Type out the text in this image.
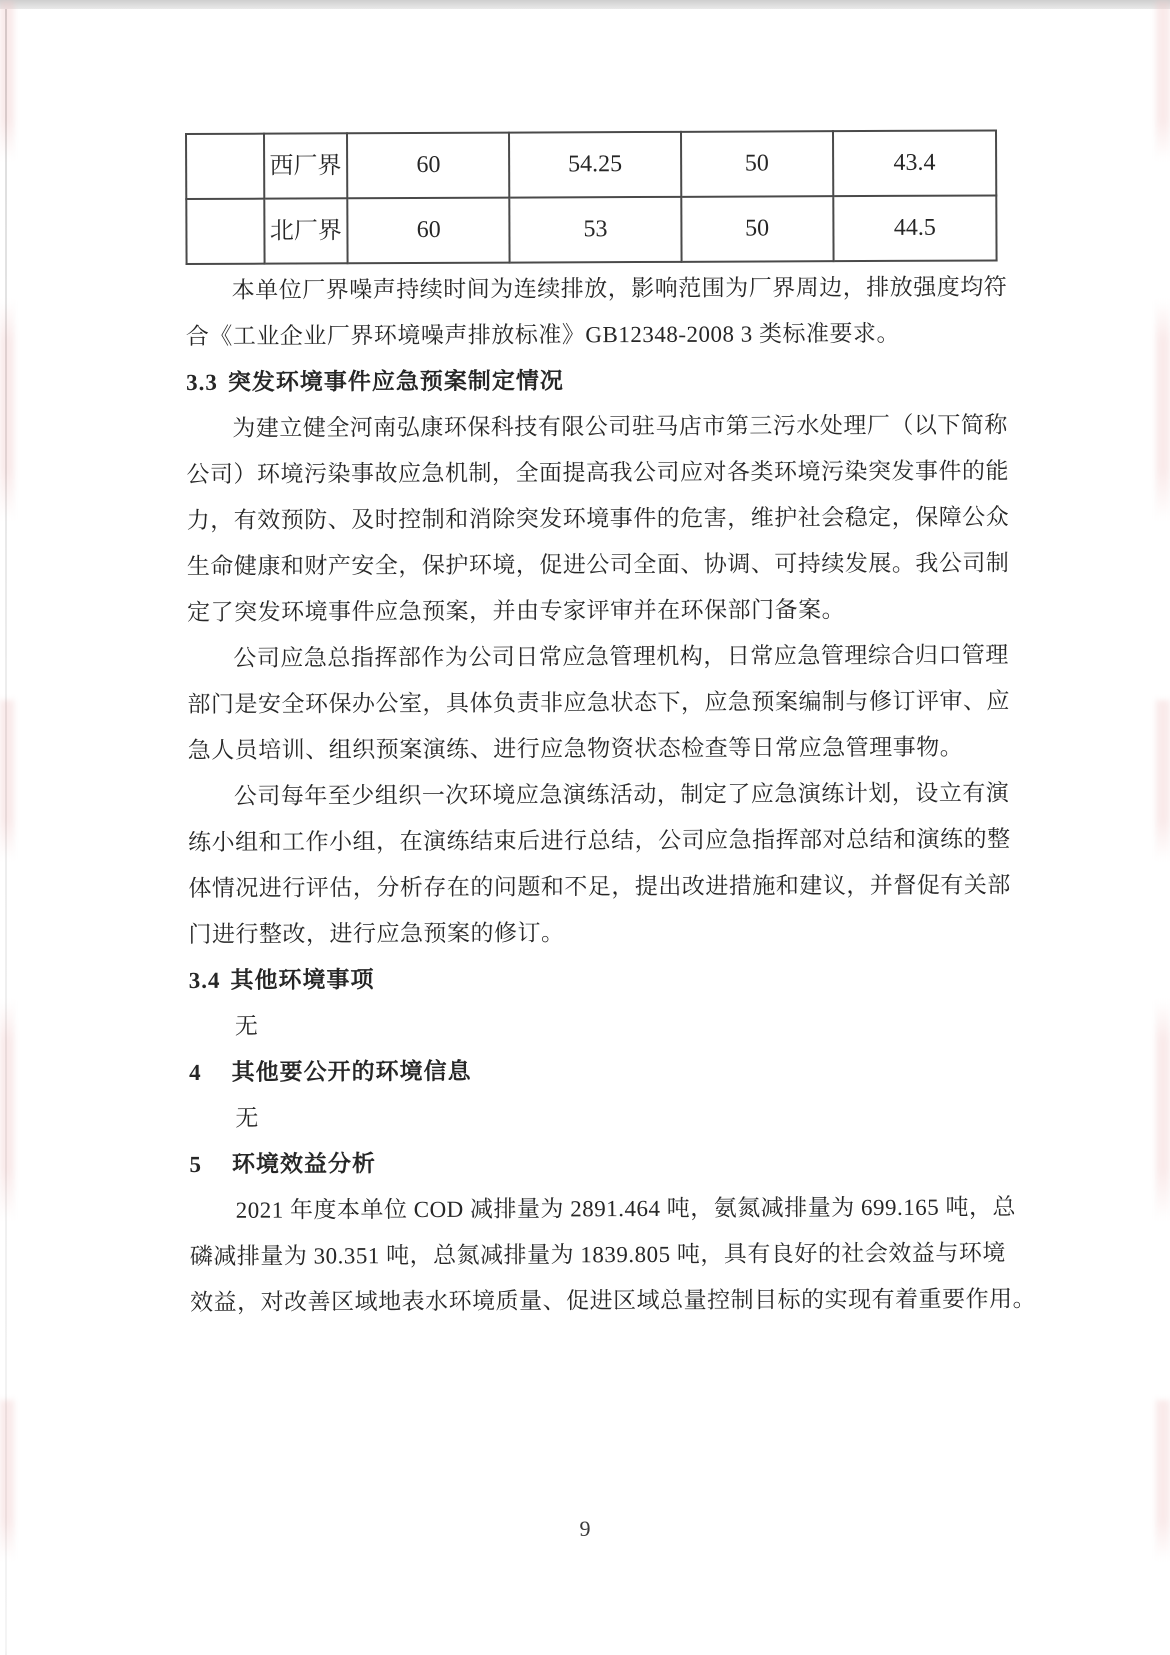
	西厂界	60	54.25	50	43.4
	北厂界	60	53	50	44.5
本单位厂界噪声持续时间为连续排放，影响范围为厂界周边，排放强度均符
合《工业企业厂界环境噪声排放标准》GB12348-2008 3 类标准要求。
3.3 突发环境事件应急预案制定情况
为建立健全河南弘康环保科技有限公司驻马店市第三污水处理厂（以下简称
公司）环境污染事故应急机制，全面提高我公司应对各类环境污染突发事件的能
力，有效预防、及时控制和消除突发环境事件的危害，维护社会稳定，保障公众
生命健康和财产安全，保护环境，促进公司全面、协调、可持续发展。我公司制
定了突发环境事件应急预案，并由专家评审并在环保部门备案。
公司应急总指挥部作为公司日常应急管理机构，日常应急管理综合归口管理
部门是安全环保办公室，具体负责非应急状态下，应急预案编制与修订评审、应
急人员培训、组织预案演练、进行应急物资状态检查等日常应急管理事物。
公司每年至少组织一次环境应急演练活动，制定了应急演练计划，设立有演
练小组和工作小组，在演练结束后进行总结，公司应急指挥部对总结和演练的整
体情况进行评估，分析存在的问题和不足，提出改进措施和建议，并督促有关部
门进行整改，进行应急预案的修订。
3.4 其他环境事项
无
4 其他要公开的环境信息
无
5 环境效益分析
2021 年度本单位 COD 减排量为 2891.464 吨，氨氮减排量为 699.165 吨，总
磷减排量为 30.351 吨，总氮减排量为 1839.805 吨，具有良好的社会效益与环境
效益，对改善区域地表水环境质量、促进区域总量控制目标的实现有着重要作用。
9
